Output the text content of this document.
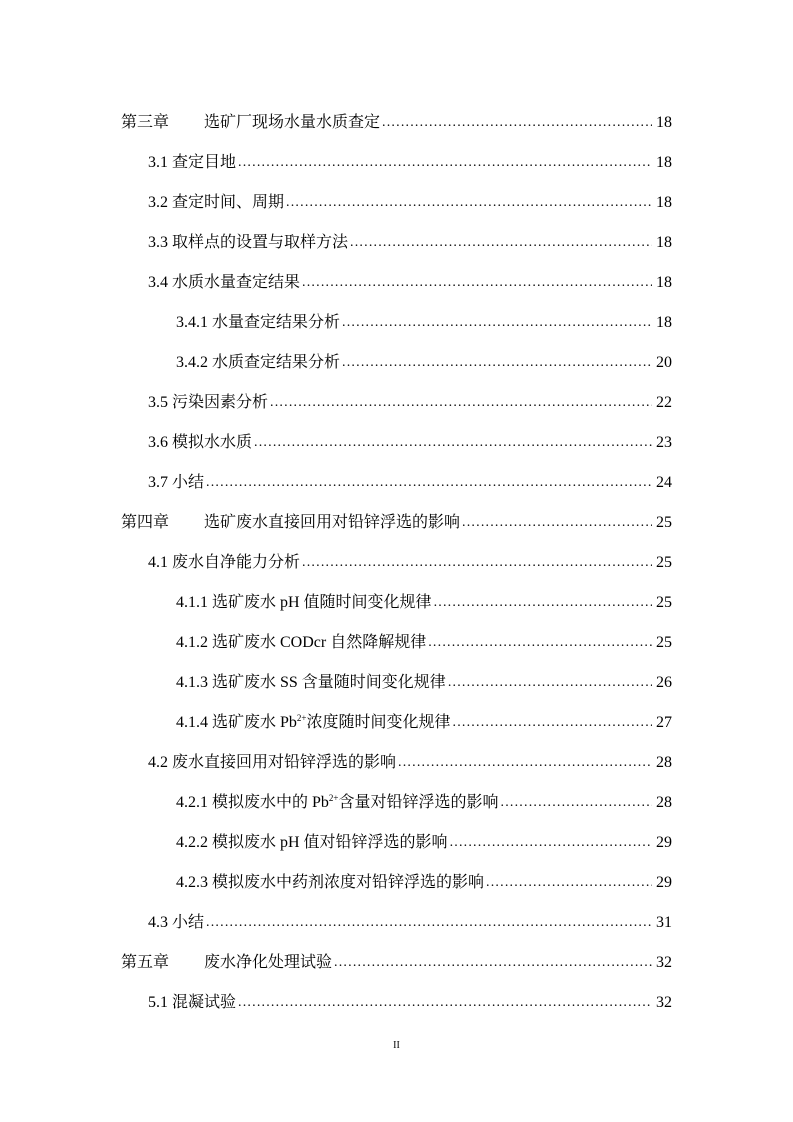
第三章 选矿厂现场水量水质查定 .....	18
3.1 查定目地 .....	18
3.2 查定时间、周期 .....	18
3.3 取样点的设置与取样方法 .....	18
3.4 水质水量查定结果 .....	18
3.4.1 水量查定结果分析 .....	18
3.4.2 水质查定结果分析 .....	20
3.5 污染因素分析 .....	22
3.6 模拟水水质 .....	23
3.7 小结 .....	24
第四章 选矿废水直接回用对铅锌浮选的影响 .....	25
4.1 废水自净能力分析 .....	25
4.1.1 选矿废水 pH 值随时间变化规律 .....	25
4.1.2 选矿废水 CODcr 自然降解规律 .....	25
4.1.3 选矿废水 SS 含量随时间变化规律 .....	26
4.1.4 选矿废水 $Pb^{2+}$浓度随时间变化规律 .....	27
4.2 废水直接回用对铅锌浮选的影响 .....	28
4.2.1 模拟废水中的 $Pb^{2+}$含量对铅锌浮选的影响 .....	28
4.2.2 模拟废水 pH 值对铅锌浮选的影响 .....	29
4.2.3 模拟废水中药剂浓度对铅锌浮选的影响 .....	29
4.3 小结 .....	31
第五章 废水净化处理试验 .....	32
5.1 混凝试验 .....	32
II
